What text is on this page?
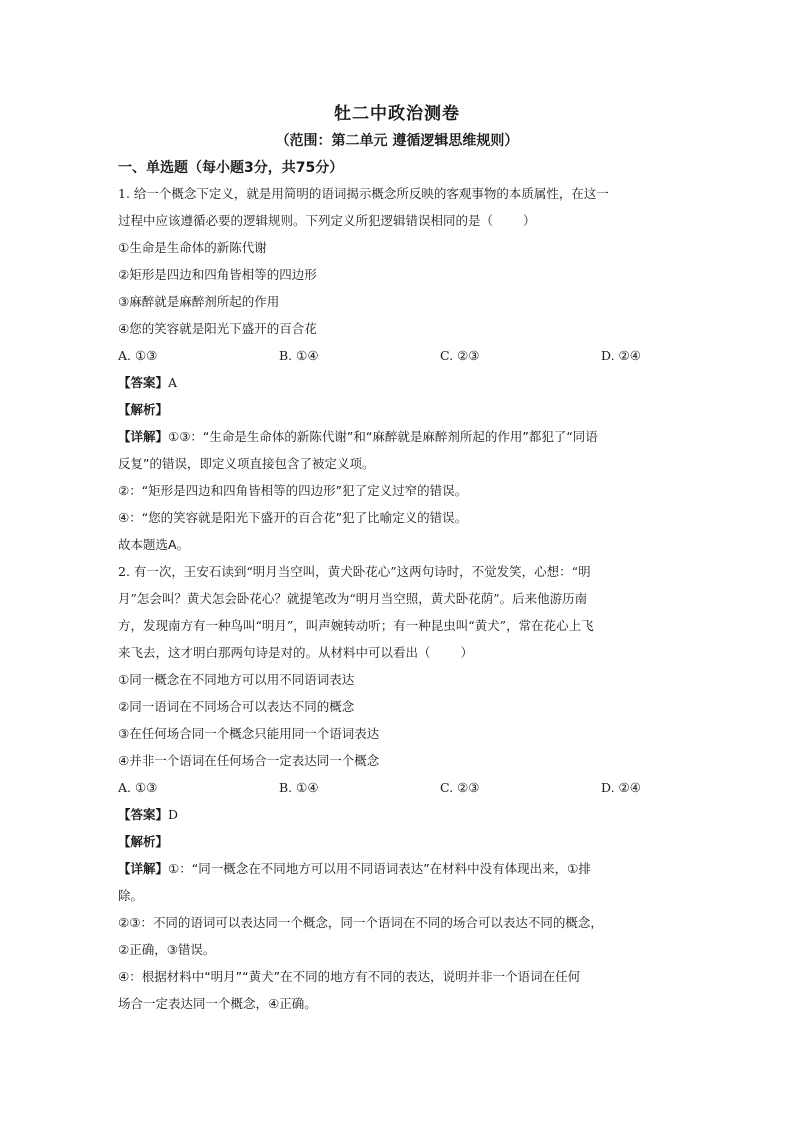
牡二中政治测卷
（范围：第二单元 遵循逻辑思维规则）
一、单选题（每小题3分，共75分）

1. 给一个概念下定义，就是用简明的语词揭示概念所反映的客观事物的本质属性，在这一

过程中应该遵循必要的逻辑规则。下列定义所犯逻辑错误相同的是（ ）

①生命是生命体的新陈代谢

②矩形是四边和四角皆相等的四边形

③麻醉就是麻醉剂所起的作用

④您的笑容就是阳光下盛开的百合花

A. ①③	B. ①④	C. ②③	D. ②④

【答案】A

【解析】

【详解】①③：“生命是生命体的新陈代谢”和“麻醉就是麻醉剂所起的作用”都犯了“同语

反复”的错误，即定义项直接包含了被定义项。

②：“矩形是四边和四角皆相等的四边形”犯了定义过窄的错误。

④：“您的笑容就是阳光下盛开的百合花”犯了比喻定义的错误。

故本题选A。

2. 有一次，王安石读到“明月当空叫，黄犬卧花心”这两句诗时，不觉发笑，心想：“明

月”怎会叫？黄犬怎会卧花心？就提笔改为“明月当空照，黄犬卧花荫”。后来他游历南

方，发现南方有一种鸟叫“明月”，叫声婉转动听；有一种昆虫叫“黄犬”，常在花心上飞

来飞去，这才明白那两句诗是对的。从材料中可以看出（ ）

①同一概念在不同地方可以用不同语词表达

②同一语词在不同场合可以表达不同的概念

③在任何场合同一个概念只能用同一个语词表达

④并非一个语词在任何场合一定表达同一个概念

A. ①③	B. ①④	C. ②③	D. ②④

【答案】D

【解析】

【详解】①：“同一概念在不同地方可以用不同语词表达”在材料中没有体现出来，①排

除。

②③：不同的语词可以表达同一个概念，同一个语词在不同的场合可以表达不同的概念，

②正确，③错误。

④：根据材料中“明月”“黄犬”在不同的地方有不同的表达，说明并非一个语词在任何

场合一定表达同一个概念，④正确。
